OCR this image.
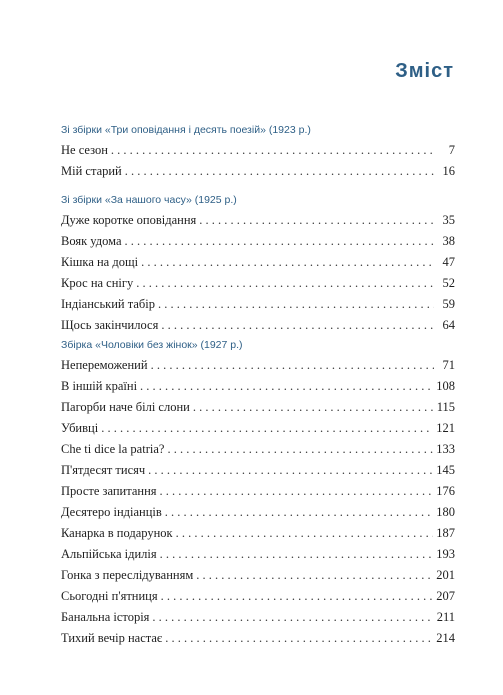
Зміст
Зі збірки «Три оповідання і десять поезій» (1923 р.)
Не сезон . . .	7
Мій старий . . .	16
Зі збірки «За нашого часу» (1925 р.)
Дуже коротке оповідання . . .	35
Вояк удома . . .	38
Кішка на дощі . . .	47
Крос на снігу . . .	52
Індіанський табір . . .	59
Щось закінчилося . . .	64
Збірка «Чоловіки без жінок» (1927 р.)
Непереможений . . .	71
В іншій країні . . .	108
Пагорби наче білі слони . . .	115
Убивці . . .	121
Che ti dice la patria? . . .	133
П'ятдесят тисяч . . .	145
Просте запитання . . .	176
Десятеро індіанців . . .	180
Канарка в подарунок . . .	187
Альпійська ідилія . . .	193
Гонка з переслідуванням . . .	201
Сьогодні п'ятниця . . .	207
Банальна історія . . .	211
Тихий вечір настає . . .	214
